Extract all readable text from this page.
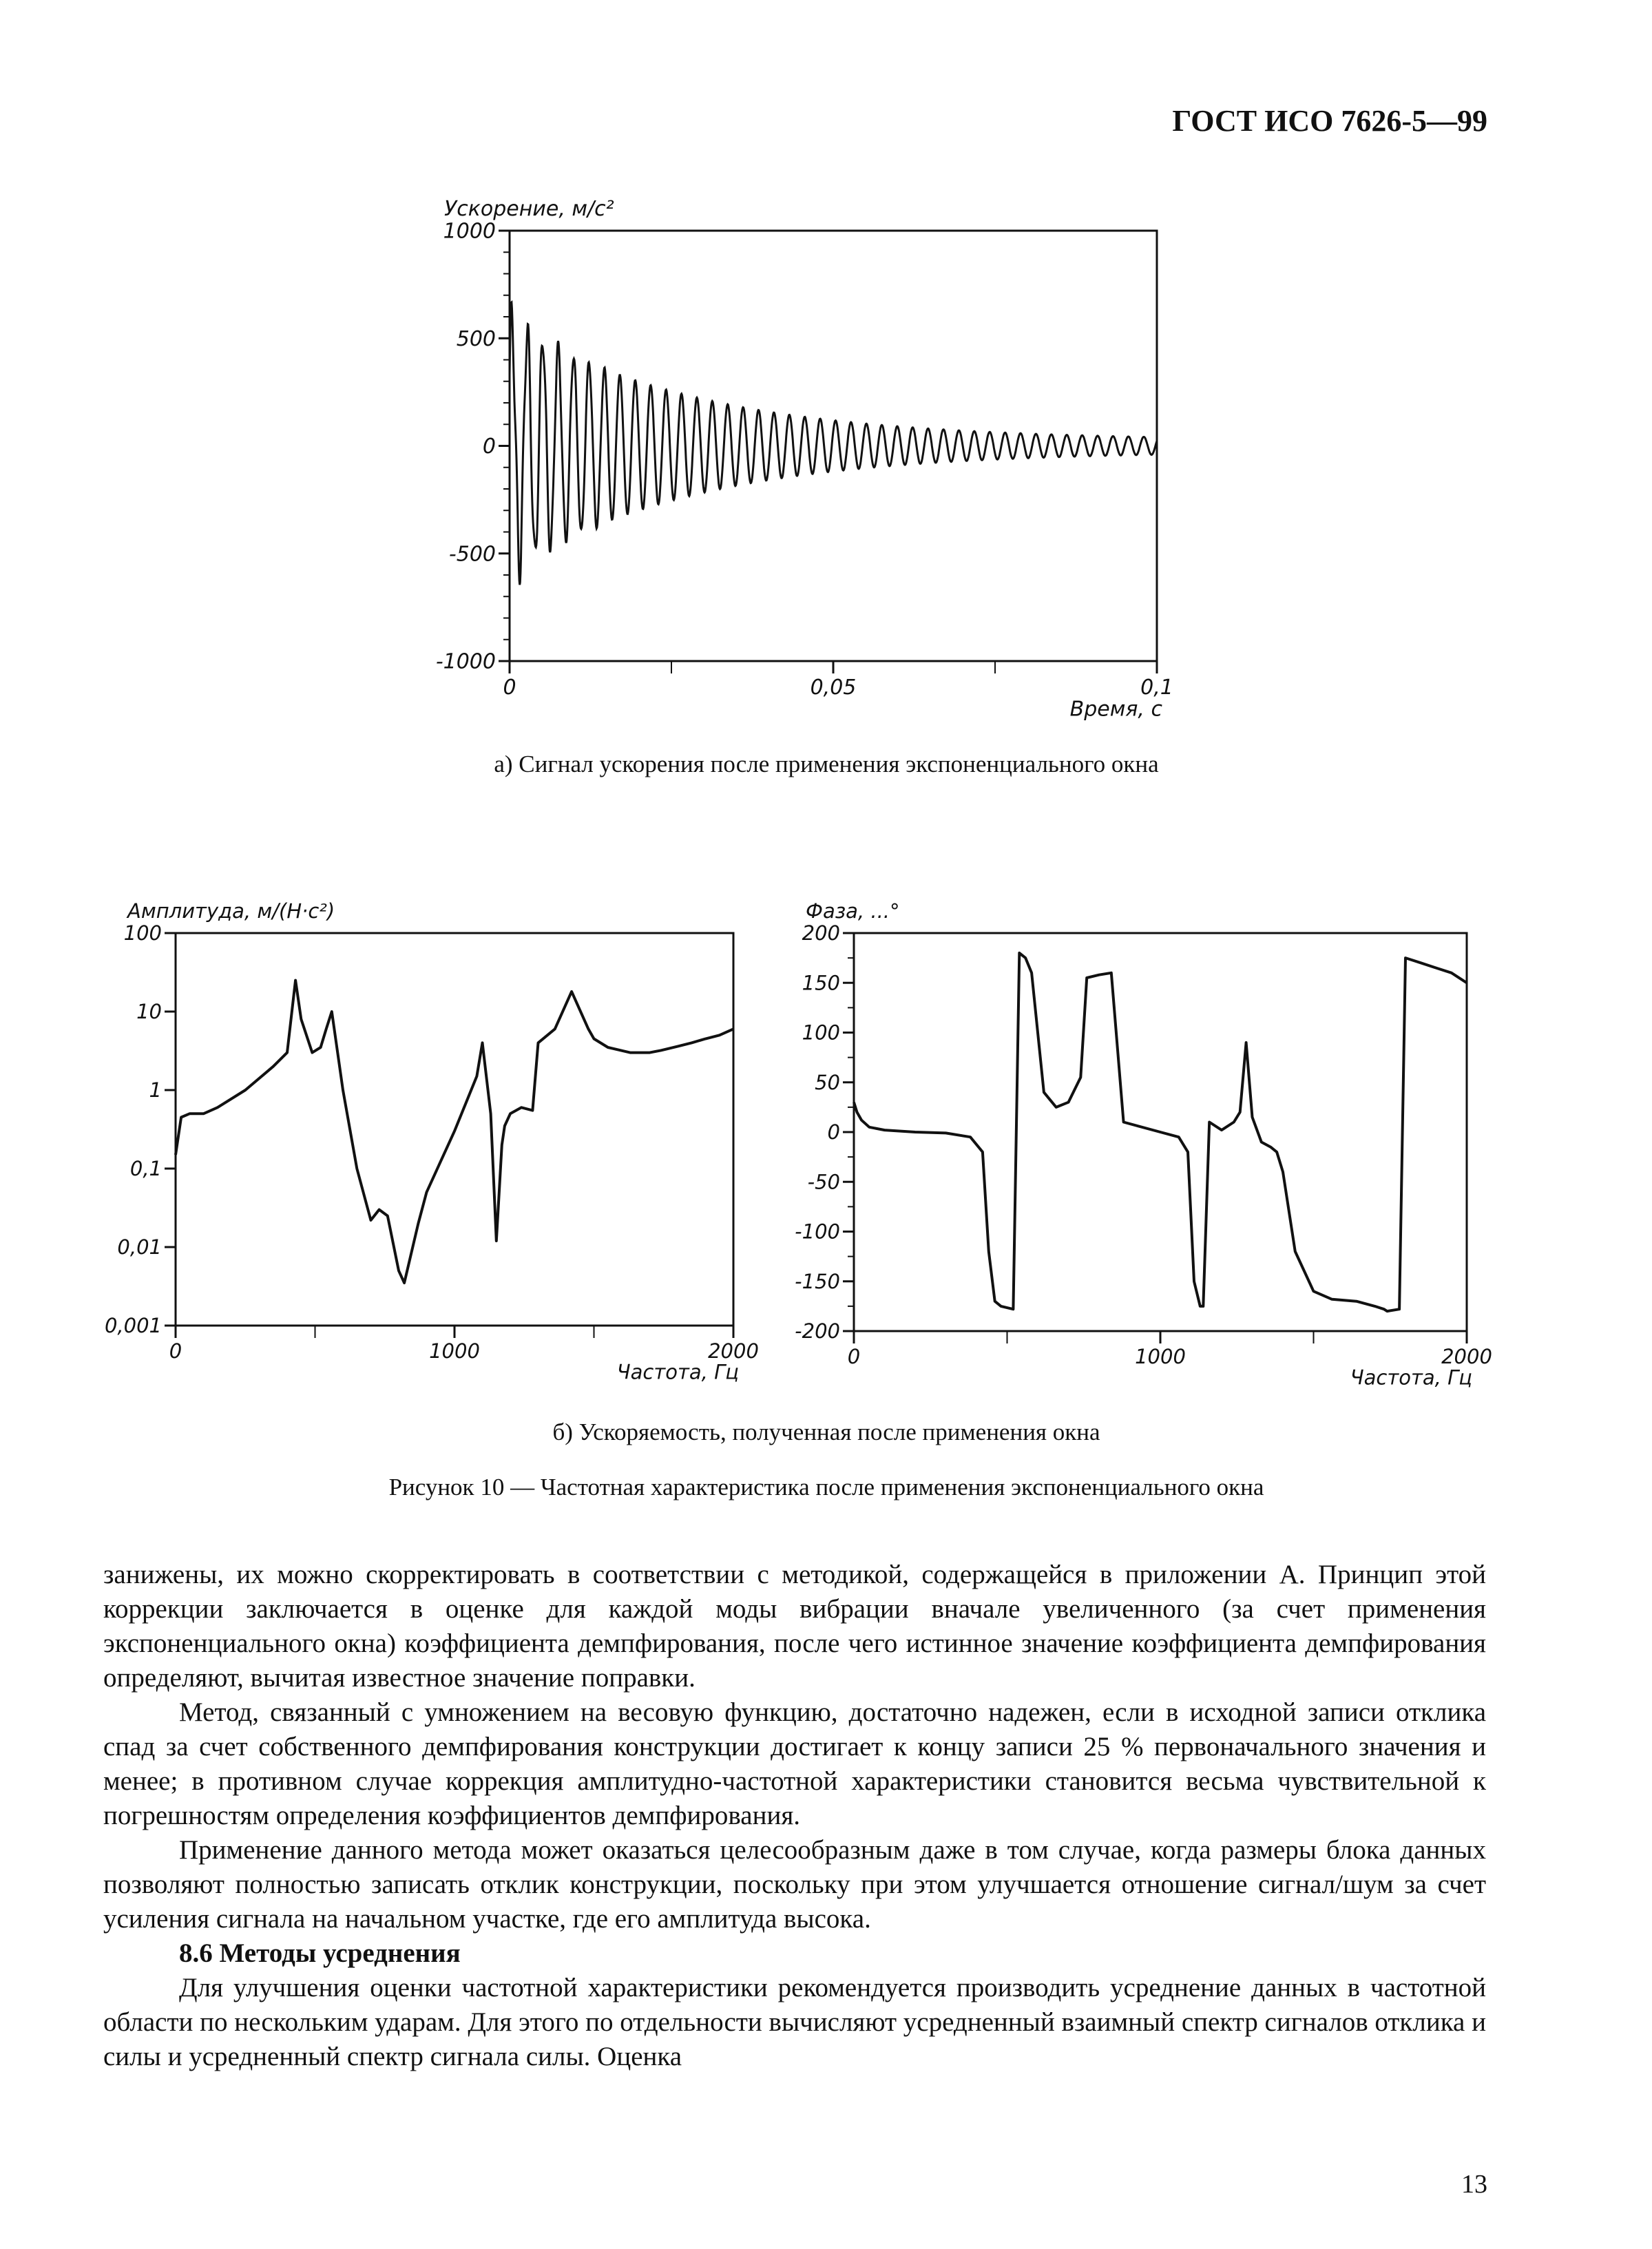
ГОСТ ИСО 7626-5—99
1000
500
0
-500
-1000
0	0,05	0,1
Ускорение, м/с²
Время, с
а) Сигнал ускорения после применения экспоненциального окна
100
10
1
0,1
0,01
0,001
0	1000	2000
Амплитуда, м/(Н·с²)
Частота, Гц
200
150
100
50
0
-50
-100
-150
-200
0	1000	2000
Фаза, ...°
Частота, Гц
б) Ускоряемость, полученная после применения окна
Рисунок 10 — Частотная характеристика после применения экспоненциального окна

занижены, их можно скорректировать в соответствии с методикой, содержащейся в приложении А. Принцип этой коррекции заключается в оценке для каждой моды вибрации вначале увеличенного (за счет применения экспоненциального окна) коэффициента демпфирования, после чего истинное значение коэффициента демпфирования определяют, вычитая известное значение поправки.

Метод, связанный с умножением на весовую функцию, достаточно надежен, если в исходной записи отклика спад за счет собственного демпфирования конструкции достигает к концу записи 25 % первоначального значения и менее; в противном случае коррекция амплитудно-частотной характеристики становится весьма чувствительной к погрешностям определения коэффициентов демпфирования.

Применение данного метода может оказаться целесообразным даже в том случае, когда размеры блока данных позволяют полностью записать отклик конструкции, поскольку при этом улучшается отношение сигнал/шум за счет усиления сигнала на начальном участке, где его амплитуда высока.

8.6 Методы усреднения

Для улучшения оценки частотной характеристики рекомендуется производить усреднение данных в частотной области по нескольким ударам. Для этого по отдельности вычисляют усредненный взаимный спектр сигналов отклика и силы и усредненный спектр сигнала силы. Оценка

13
